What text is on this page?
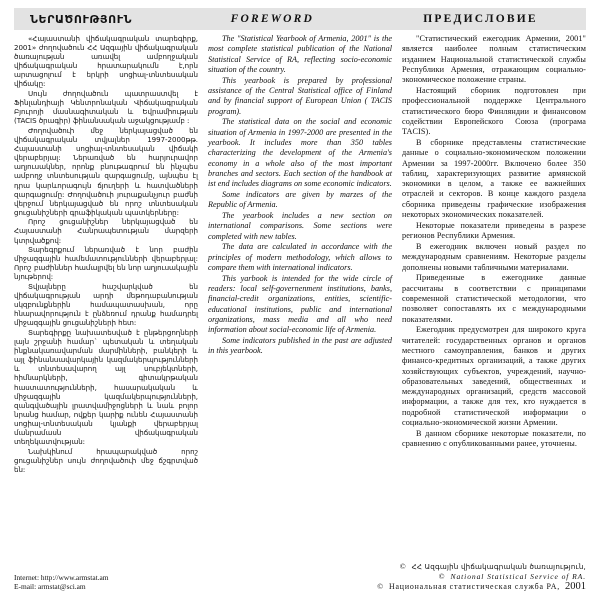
ՆԵՐԱԾՈՒԹՅՈՒՆ	FOREWORD	ПРЕДИСЛОВИЕ

«Հայաստանի վիճակագրական տարեգիրք, 2001» ժողովածուն ՀՀ Ազգային վիճակագրական ծառայության առավել ամբողջական վիճակագրական հրատարակումն է,որն արտացոլում է երկրի սոցիալ-տնտեսական վիճակը:

Սույն ժողովածուն պատրաստվել է Ֆինլանդիայի Կենտրոնական Վիճակագրական Բյուրոյի մասնագիտական և Եվրամիության (TACIS ծրագիր) ֆինանսական աջակցությամբ :

Ժողովածուի մեջ ներկայացված են վիճակագրական տվյալներ 1997-2000թթ. Հայաստանի սոցիալ-տնտեսական վիճակի վերաբերյալ: Ներառված են հարյուրավոր աղյուսակներ, որոնք բնութագրում են ինչպես ամբողջ տնտեսության զարգացումը, այնպես էլ դրա կարևորագույն ճյուղերի և հատվածների զարգացումը: Ժողովածուի յուրաքանչյուր բաժնի վերջում ներկայացված են որոշ տնտեսական ցուցանիշների գրաֆիկական պատկերները:

Որոշ ցուցանիշներ ներկայացված են Հայաստանի Հանրապետության մարզերի կտրվածքով:

Տարեգրքում ներառված է նոր բաժին միջազգային համեմատությունների վերաբերյալ: Որոշ բաժիններ համալրվել են նոր աղյուսակային նյութերով:

Տվյալները հաշվարկված են վիճակագրության արդի մեթոդաբանության սկզբունքներին համապատասխան, որը հնարավորություն է ընձեռում դրանք համադրել միջազգային ցուցանիշների հետ:

Տարեգիրքը նախատեսված է ընթերցողների լայն շրջանի համար` պետական և տեղական ինքնակառավարման մարմինների, բանկերի և այլ ֆինանսավարկային կազմակերպությունների և տնտեսավարող այլ սուբյեկտների, հիմնարկների, գիտակրթական հաստատությունների, հասարակական և միջազգային կազմակերպությունների, զանգվածային լրատվամիջոցների և նաև բոլոր նրանց համար, ովքեր կարիք ունեն Հայաստանի սոցիալ-տնտեսական կյանքի վերաբերյալ մանրամասն վիճակագրական տեղեկատվության:

Նախկինում հրապարակված որոշ ցուցանիշներ սույն ժողովածուի մեջ ճշգրտված են:

The "Statistical Yearbook of Armenia, 2001" is the most complete statistical publication of the National Statistical Service of RA, reflecting socio-economic situation of the country.

This yearbook is prepared by professional assistance of the Central Statistical office of Finland and by financial support of European Union ( TACIS program).

The statistical data on the social and economic situation of Armenia in 1997-2000 are presented in the yearbook. It includes more than 350 tables characterizing the development of the Armenia's economy in a whole also of the most important branches and sectors. Each section of the handbook at ist end includes diagrams on some economic indicators.

Some indicators are given by marzes of the Republic of Armenia.

The yearbook includes a new section on international comparisons. Some sections were completed with new tables.

The data are calculated in accordance with the principles of modern methodology, which allows to compare them with international indicators.

This yarbook is intended for the wide circle of readers: local self-governenment institutions, banks, financial-credit organizations, entities, scientific-educational institutions, public and international organizations, mass media and all who need information about social-economic life of Armenia.

Some indicators published in the past are adjusted in this yearbook.

"Статистический ежегодник Армении, 2001" является наиболее полным статистическим изданием Национальной статистической службы Республики Армения, отражающим социально-экономическое положение страны.

Настоящий сборник подготовлен при профессиональной поддержке Центрального статистического бюро Финляндии и финансовом содействии Европейского Союза (програма TACIS).

В сборнике представлены статистические данные о социально-экономическом положении Армении за 1997-2000гг. Включено более 350 таблиц, характеризующих развитие армянской экономики в целом, а также ее важнейших отраслей и секторов. В конце каждого раздела сборника приведены графические изображения некоторых экономических показателей.

Некоторые показатели приведены в разрезе регионов Республики Армения.

В ежегодник включен новый раздел по международным сравнениям. Некоторые разделы дополнены новыми табличными материалами.

Приведенные в ежегоднике данные рассчитаны в соответствии с принципами современной статистической методологии, что позволяет сопоставлять их с международными показателями.

Ежегодник предусмотрен для широкого круга читателей: государственных органов и органов местного самоуправления, банков и других финансо-кредитных организаций, а также других хозяйствующих субъектов, учреждений, научно-образовательных заведений, общественных и международных организаций, средств массовой информации, а также для тех, кто нуждается в подробной статистической информации о социально-экономической жизни Армении.

В данном сборнике некоторые показатели, по сравнению с опубликованными ранее, уточнены.

Internet: http://www.armstat.am
E-mail: armstat@sci.am
© ՀՀ Ազգային վիճակագրական ծառայություն,
© National Statistical Service of RA.
© Национальная статистическая служба РА, 2001
